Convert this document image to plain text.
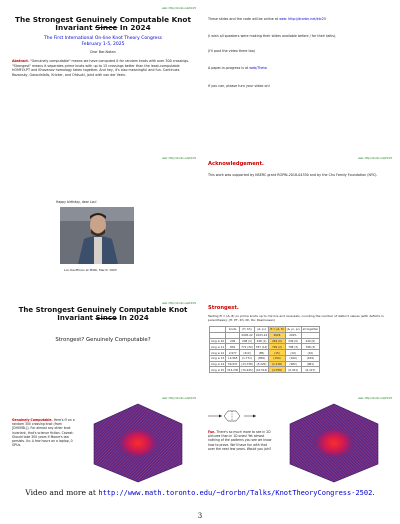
web: http://drorbn.net/ktc25
The Strongest Genuinely Computable Knot
Invariant Since In 2024
The First International On-line Knot Theory Congress
February 1-5, 2025
Dror Bar-Natan
Abstract. "Genuinely computable" means we have computed it for random knots with over 300 crossings. "Strongest" means it separates prime knots with up to 15 crossings better than the least-computable HOMFLY-PT and Khovanov homology taken together. And hey, it's also meaningful and fun. Continues Rozansky, Garoufalidis, Kricker, and Ohtsuki, joint with van der Veen.
These slides and the code will be online at web: http://drorbn.net/ktc25
(I wish all speakers were making their slides available before / for their talks).
(I'll post the video there too)
A paper-in-progress is at web/Theta
If you can, please turn your video on!
web: http://drorbn.net/ktc25
Happy birthday, dear Lou!
Lou Kauffman at MSRI, March 1993
web: http://drorbn.net/ktc25
Acknowledgement.
This work was supported by NSERC grant RGPIN-2018-04350 and by the Chu Family Foundation (NYC).
web: http://drorbn.net/ktc25
The Strongest Genuinely Computable Knot
Invariant Since In 2024
Strongest? Genuinely Computable?
Strongest.
Testing Θ = (Δ, θ) on prime knots up to mirrors and reversals, counting the number of distinct values (with deficits in parenthesis): (H: PT, Kh: Kh, Rs: Rasmussen)
	knots	(H, Kh)	(Δ, ρ₁)	Θ = (Δ, θ)	(Δ, ρ₁, ρ₂)	all together
		2005-22	2023-24	2024	2025-	
xing ≤ 10	249	248 (1)	248 (1)	249 (0)	249 (0)	249 (0)
xing ≤ 11	801	771 (30)	787 (14)	799 (2)	798 (3)	798 (3)
xing ≤ 12	2,977	(214)	(85)	(15)	(10)	(10)
xing ≤ 13	12,965	(1,771)	(856)	(194)	(169)	(169)
xing ≤ 14	59,937	(13,738)	(5,220)	(1,118)	(982)	(981)
xing ≤ 15	313,230	(70,245)	(41,514)	(4,758)	(6,341)	(6,127)
web: http://drorbn.net/ktc25
Genuinely Computable. Here's Θ on a random 300 crossing knot (from [DHOEBL]). For almost any other knot invariant, that's science fiction. Caveat: Should take 300 years if Moore's law persists. Us: A few hours on a laptop, 0 GPUs.
web: http://drorbn.net/ktc25
Fun. There's so much more to see in 2D pictures than in 1D ones! Yet almost nothing of the patterns you see we know how to prove. We'll have fun with that over the next few years. Would you join?
Video and more at http://www.math.toronto.edu/~drorbn/Talks/KnotTheoryCongress-2502.
3
